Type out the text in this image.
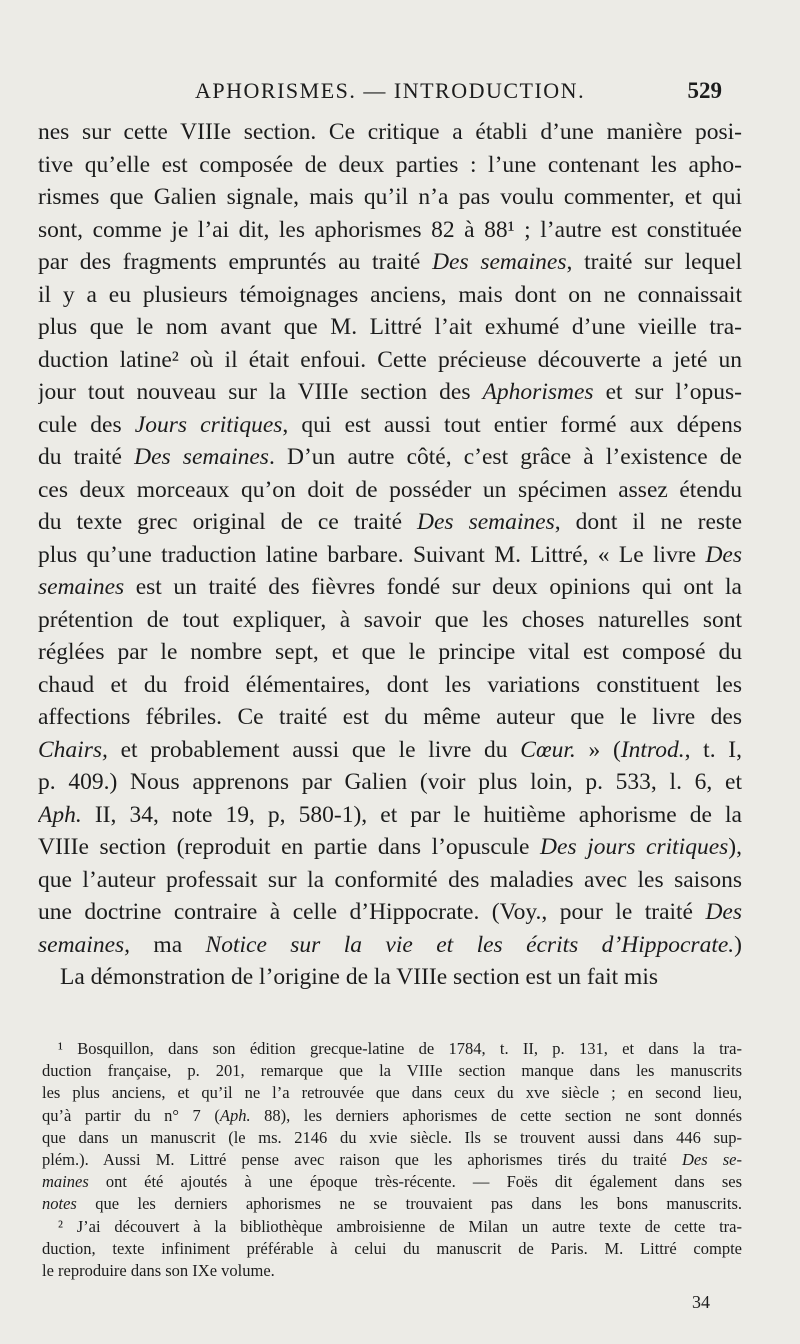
APHORISMES. — INTRODUCTION.	529
nes sur cette VIIIe section. Ce critique a établi d’une manière posi-
tive qu’elle est composée de deux parties : l’une contenant les apho-
rismes que Galien signale, mais qu’il n’a pas voulu commenter, et qui
sont, comme je l’ai dit, les aphorismes 82 à 88¹ ; l’autre est constituée
par des fragments empruntés au traité Des semaines, traité sur lequel
il y a eu plusieurs témoignages anciens, mais dont on ne connaissait
plus que le nom avant que M. Littré l’ait exhumé d’une vieille tra-
duction latine² où il était enfoui. Cette précieuse découverte a jeté un
jour tout nouveau sur la VIIIe section des Aphorismes et sur l’opus-
cule des Jours critiques, qui est aussi tout entier formé aux dépens
du traité Des semaines. D’un autre côté, c’est grâce à l’existence de
ces deux morceaux qu’on doit de posséder un spécimen assez étendu
du texte grec original de ce traité Des semaines, dont il ne reste
plus qu’une traduction latine barbare. Suivant M. Littré, « Le livre Des
semaines est un traité des fièvres fondé sur deux opinions qui ont la
prétention de tout expliquer, à savoir que les choses naturelles sont
réglées par le nombre sept, et que le principe vital est composé du
chaud et du froid élémentaires, dont les variations constituent les
affections fébriles. Ce traité est du même auteur que le livre des
Chairs, et probablement aussi que le livre du Cœur. » (Introd., t. I,
p. 409.) Nous apprenons par Galien (voir plus loin, p. 533, l. 6, et
Aph. II, 34, note 19, p, 580-1), et par le huitième aphorisme de la
VIIIe section (reproduit en partie dans l’opuscule Des jours critiques),
que l’auteur professait sur la conformité des maladies avec les saisons
une doctrine contraire à celle d’Hippocrate. (Voy., pour le traité Des
semaines, ma Notice sur la vie et les écrits d’Hippocrate.)
La démonstration de l’origine de la VIIIe section est un fait mis
¹ Bosquillon, dans son édition grecque-latine de 1784, t. II, p. 131, et dans la tra-
duction française, p. 201, remarque que la VIIIe section manque dans les manuscrits
les plus anciens, et qu’il ne l’a retrouvée que dans ceux du xve siècle ; en second lieu,
qu’à partir du n° 7 (Aph. 88), les derniers aphorismes de cette section ne sont donnés
que dans un manuscrit (le ms. 2146 du xvie siècle. Ils se trouvent aussi dans 446 sup-
plém.). Aussi M. Littré pense avec raison que les aphorismes tirés du traité Des se-
maines ont été ajoutés à une époque très-récente. — Foës dit également dans ses
notes que les derniers aphorismes ne se trouvaient pas dans les bons manuscrits.
² J’ai découvert à la bibliothèque ambroisienne de Milan un autre texte de cette tra-
duction, texte infiniment préférable à celui du manuscrit de Paris. M. Littré compte
le reproduire dans son IXe volume.
34
